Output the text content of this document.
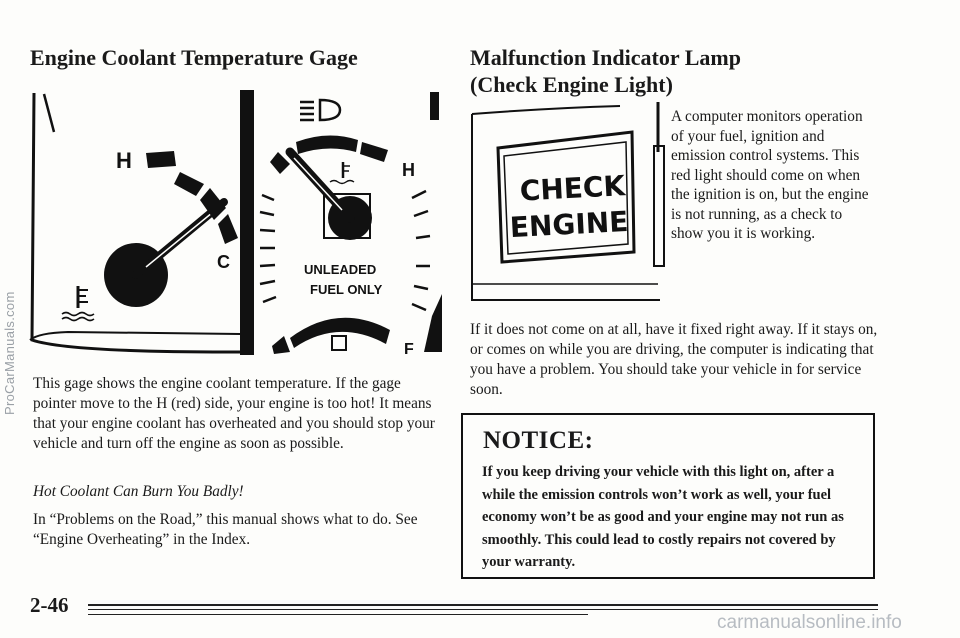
Engine Coolant Temperature Gage
H
C
H
UNLEADED
FUEL ONLY
F

This gage shows the engine coolant temperature. If the gage pointer move to the H (red) side, your engine is too hot! It means that your engine coolant has overheated and you should stop your vehicle and turn off the engine as soon as possible.

Hot Coolant Can Burn You Badly!

In “Problems on the Road,” this manual shows what to do. See “Engine Overheating” in the Index.

Malfunction Indicator Lamp
(Check Engine Light)
CHECK
ENGINE

A computer monitors operation of your fuel, ignition and emission control systems. This red light should come on when the ignition is on, but the engine is not running, as a check to show you it is working.

If it does not come on at all, have it fixed right away. If it stays on, or comes on while you are driving, the computer is indicating that you have a problem. You should take your vehicle in for service soon.

NOTICE:
If you keep driving your vehicle with this light on, after a while the emission controls won’t work as well, your fuel economy won’t be as good and your engine may not run as smoothly. This could lead to costly repairs not covered by your warranty.
2-46
ProCarManuals.com
carmanualsonline.info
